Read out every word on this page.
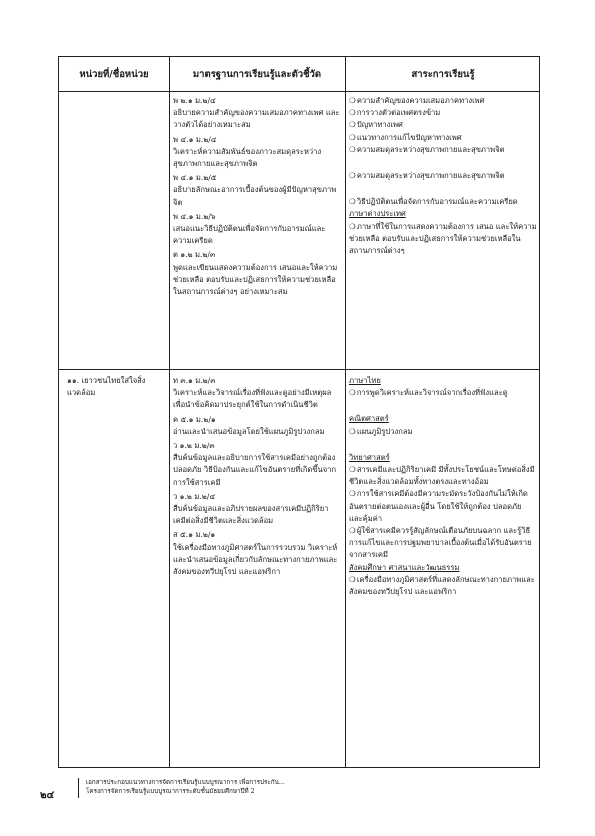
หน่วยที่/ชื่อหน่วย	มาตรฐานการเรียนรู้และตัวชี้วัด	สาระการเรียนรู้
พ ๒.๑ ม.๒/๔
อธิบายความสำคัญของความเสมอภาคทางเพศ และวางตัวได้อย่างเหมาะสม
พ ๔.๑ ม.๒/๔
วิเคราะห์ความสัมพันธ์ของภาวะสมดุลระหว่างสุขภาพกายและสุขภาพจิต
พ ๔.๑ ม.๒/๕
อธิบายลักษณะอาการเบื้องต้นของผู้มีปัญหาสุขภาพจิต
พ ๔.๑ ม.๒/๖
เสนอแนะวิธีปฏิบัติตนเพื่อจัดการกับอารมณ์และความเครียด
ต ๑.๒ ม.๒/๓
พูดและเขียนแสดงความต้องการ เสนอและให้ความช่วยเหลือ ตอบรับและปฏิเสธการให้ความช่วยเหลือ ในสถานการณ์ต่างๆ อย่างเหมาะสม
❍ ความสำคัญของความเสมอภาคทางเพศ
❍ การวางตัวต่อเพศตรงข้าม
❍ ปัญหาทางเพศ
❍ แนวทางการแก้ไขปัญหาทางเพศ
❍ ความสมดุลระหว่างสุขภาพกายและสุขภาพจิต
❍ ความสมดุลระหว่างสุขภาพกายและสุขภาพจิต
❍ วิธีปฏิบัติตนเพื่อจัดการกับอารมณ์และความเครียด
ภาษาต่างประเทศ
❍ ภาษาที่ใช้ในการแสดงความต้องการ เสนอ และให้ความช่วยเหลือ ตอบรับและปฏิเสธการให้ความช่วยเหลือในสถานการณ์ต่างๆ
๑๑. เยาวชนไทยใส่ใจสิ่งแวดล้อม
ท ๓.๑ ม.๒/๓
วิเคราะห์และวิจารณ์เรื่องที่ฟังและดูอย่างมีเหตุผลเพื่อนำข้อคิดมาประยุกต์ใช้ในการดำเนินชีวิต
ค ๕.๑ ม.๒/๑
อ่านและนำเสนอข้อมูลโดยใช้แผนภูมิรูปวงกลม
ว ๑.๒ ม.๒/๓
สืบค้นข้อมูลและอธิบายการใช้สารเคมีอย่างถูกต้อง ปลอดภัย วิธีป้องกันและแก้ไขอันตรายที่เกิดขึ้นจากการใช้สารเคมี
ว ๑.๒ ม.๒/๔
สืบค้นข้อมูลและอภิปรายผลของสารเคมีปฏิกิริยาเคมีต่อสิ่งมีชีวิตและสิ่งแวดล้อม
ส ๕.๑ ม.๒/๑
ใช้เครื่องมือทางภูมิศาสตร์ในการรวบรวม วิเคราะห์ และนำเสนอข้อมูลเกี่ยวกับลักษณะทางกายภาพและสังคมของทวีปยุโรป และแอฟริกา
ภาษาไทย
❍ การพูดวิเคราะห์และวิจารณ์จากเรื่องที่ฟังและดู
คณิตศาสตร์
❍ แผนภูมิรูปวงกลม
วิทยาศาสตร์
❍ สารเคมีและปฏิกิริยาเคมี มีทั้งประโยชน์และโทษต่อสิ่งมีชีวิตและสิ่งแวดล้อมทั้งทางตรงและทางอ้อม
❍ การใช้สารเคมีต้องมีความระมัดระวังป้องกันไม่ให้เกิดอันตรายต่อตนเองและผู้อื่น โดยใช้ให้ถูกต้อง ปลอดภัย และคุ้มค่า
❍ ผู้ใช้สารเคมีควรรู้สัญลักษณ์เตือนภัยบนฉลาก และรู้วิธีการแก้ไขและการปฐมพยาบาลเบื้องต้นเมื่อได้รับอันตรายจากสารเคมี
สังคมศึกษา ศาสนาและวัฒนธรรม
❍ เครื่องมือทางภูมิศาสตร์ที่แสดงลักษณะทางกายภาพและสังคมของทวีปยุโรป และแอฟริกา
๒๔
เอกสารประกอบแนวทางการจัดการเรียนรู้แบบบูรณาการ เพื่อการประกัน...
โครงการจัดการเรียนรู้แบบบูรณาการระดับชั้นมัธยมศึกษาปีที่ 2
